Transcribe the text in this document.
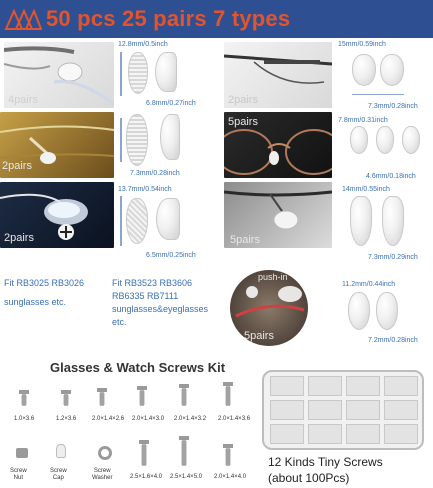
50 pcs 25 pairs 7 types
4pairs
12.8mm/0.5inch
6.8mm/0.27inch	2pairs
15mm/0.59inch
7.3mm/0.28inch
2pairs
7.3mm/0.28inch
5pairs	7.8mm/0.31inch
4.6mm/0.18inch
2pairs
13.7mm/0.54inch
6.5mm/0.25inch
5pairs
14mm/0.55inch
7.3mm/0.29inch
Fit RB3025 RB3026
sunglasses etc.
Fit RB3523 RB3606
RB6335 RB7111
sunglasses&eyeglasses
etc.
push-in
5pairs
11.2mm/0.44inch
7.2mm/0.28inch
Glasses & Watch Screws Kit
1.0×3.6	1.2×3.6	2.0×1.4×2.6 2.0×1.4×3.0 2.0×1.4×3.2 2.0×1.4×3.6
Screw
Nut
Screw
Cap
Screw
Washer	2.5×1.6×4.0 2.5×1.4×5.0 2.0×1.4×4.0
12 Kinds Tiny Screws
(about 100Pcs)
